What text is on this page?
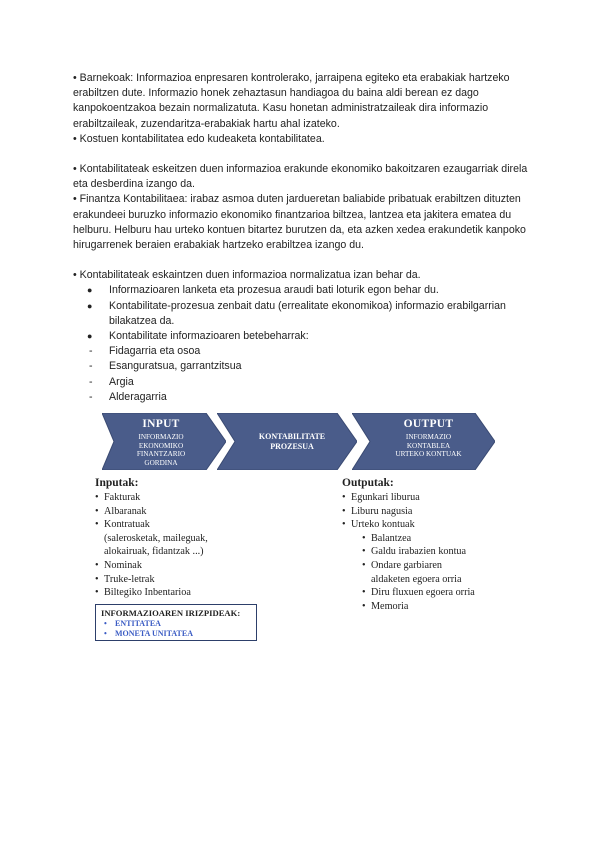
• Barnekoak: Informazioa enpresaren kontrolerako, jarraipena egiteko eta erabakiak hartzeko erabiltzen dute. Informazio honek zehaztasun handiagoa du baina aldi berean ez dago kanpokoentzakoa bezain normalizatuta. Kasu honetan administratzaileak dira informazio erabiltzaileak, zuzendaritza-erabakiak hartu ahal izateko.

• Kostuen kontabilitatea edo kudeaketa kontabilitatea.

• Kontabilitateak eskeitzen duen informazioa erakunde ekonomiko bakoitzaren ezaugarriak direla eta desberdina izango da.

• Finantza Kontabilitaea: irabaz asmoa duten jardueretan baliabide pribatuak erabiltzen dituzten erakundeei buruzko informazio ekonomiko finantzarioa biltzea, lantzea eta jakitera ematea du helburu. Helburu hau urteko kontuen bitartez burutzen da, eta azken xedea erakundetik kanpoko hirugarrenek beraien erabakiak hartzeko erabiltzea izango du.

• Kontabilitateak eskaintzen duen informazioa normalizatua izan behar da.

● Informazioaren lanketa eta prozesua araudi bati loturik egon behar du.
● Kontabilitate-prozesua zenbait datu (errealitate ekonomikoa) informazio erabilgarrian bilakatzea da.
● Kontabilitate informazioaren betebeharrak:
- Fidagarria eta osoa
- Esanguratsua, garrantzitsua
- Argia
- Alderagarria
INPUT
INFORMAZIO
EKONOMIKO
FINANTZARIO
GORDINA
KONTABILITATE
PROZESUA
OUTPUT
INFORMAZIO
KONTABLEA
URTEKO KONTUAK
Inputak:
• Fakturak
• Albaranak
• Kontratuak
(salerosketak, maileguak,
alokairuak, fidantzak ...)
• Nominak
• Truke-letrak
• Biltegiko Inbentarioa
Outputak:
• Egunkari liburua
• Liburu nagusia
• Urteko kontuak
• Balantzea
• Galdu irabazien kontua
• Ondare garbiaren
aldaketen egoera orria
• Diru fluxuen egoera orria
• Memoria
INFORMAZIOAREN IRIZPIDEAK:
• ENTITATEA
• MONETA UNITATEA
